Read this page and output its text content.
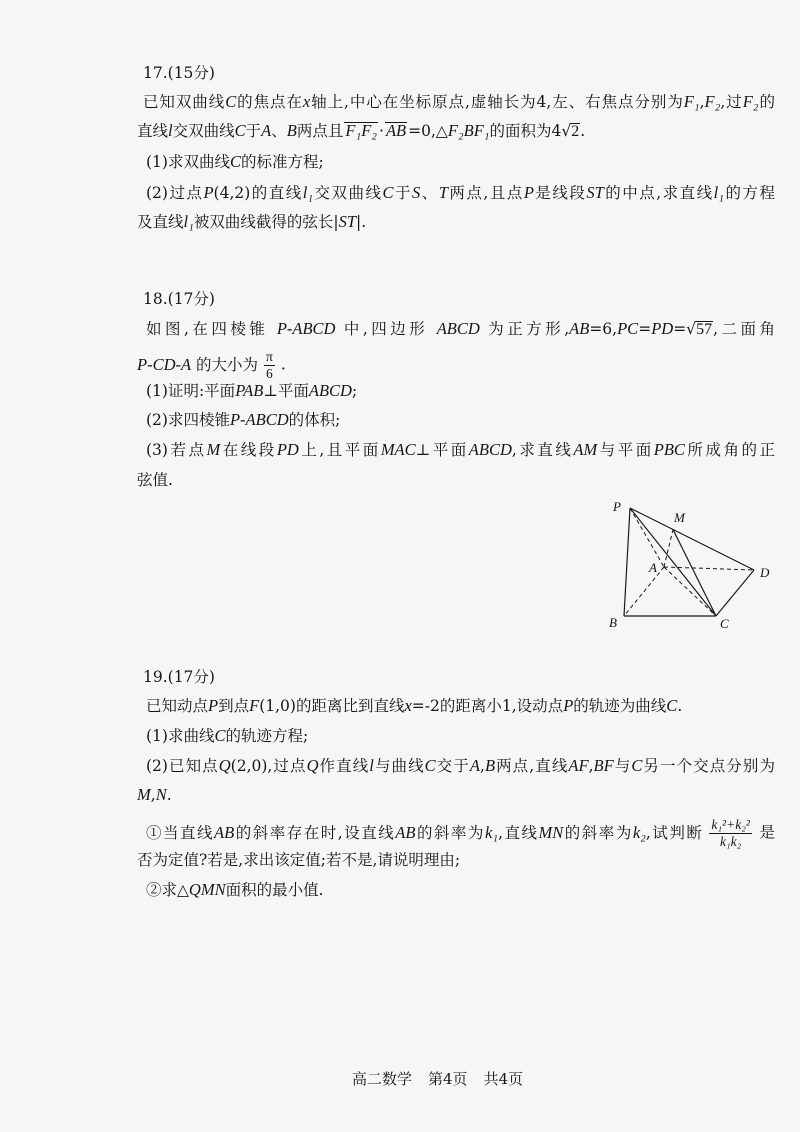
17.(15分)
已知双曲线C的焦点在x轴上,中心在坐标原点,虚轴长为4,左、右焦点分别为F₁,F₂,过F₂的
直线l交双曲线C于A、B两点且 F₁F₂ · AB =0,△F₂BF₁的面积为4√2.
(1)求双曲线C的标准方程;
(2)过点P(4,2)的直线l₁交双曲线C于S、T两点,且点P是线段ST的中点,求直线l₁的方程
及直线l₁被双曲线截得的弦长|ST|.
18.(17分)
如图,在四棱锥 P-ABCD 中,四边形 ABCD 为正方形,AB=6,PC=PD=√57,二面角
P-CD-A 的大小为 $\frac{\pi}{6}$ .
(1)证明:平面PAB⊥平面ABCD;
(2)求四棱锥P-ABCD的体积;
(3)若点M在线段PD上,且平面MAC⊥平面ABCD,求直线AM与平面PBC所成角的正
弦值.
P
M
A	D
B	C
19.(17分)
已知动点P到点F(1,0)的距离比到直线x=-2的距离小1,设动点P的轨迹为曲线C.
(1)求曲线C的轨迹方程;
(2)已知点Q(2,0),过点Q作直线l与曲线C交于A,B两点,直线AF,BF与C另一个交点分别为
M,N.
①当直线AB的斜率存在时,设直线AB的斜率为k₁,直线MN的斜率为k₂,试判断 $\frac{\text{k₁²+k₂²}}{\text{k₁k₂}}$ 是
否为定值?若是,求出该定值;若不是,请说明理由;
②求△QMN面积的最小值.
高二数学 第4页 共4页
